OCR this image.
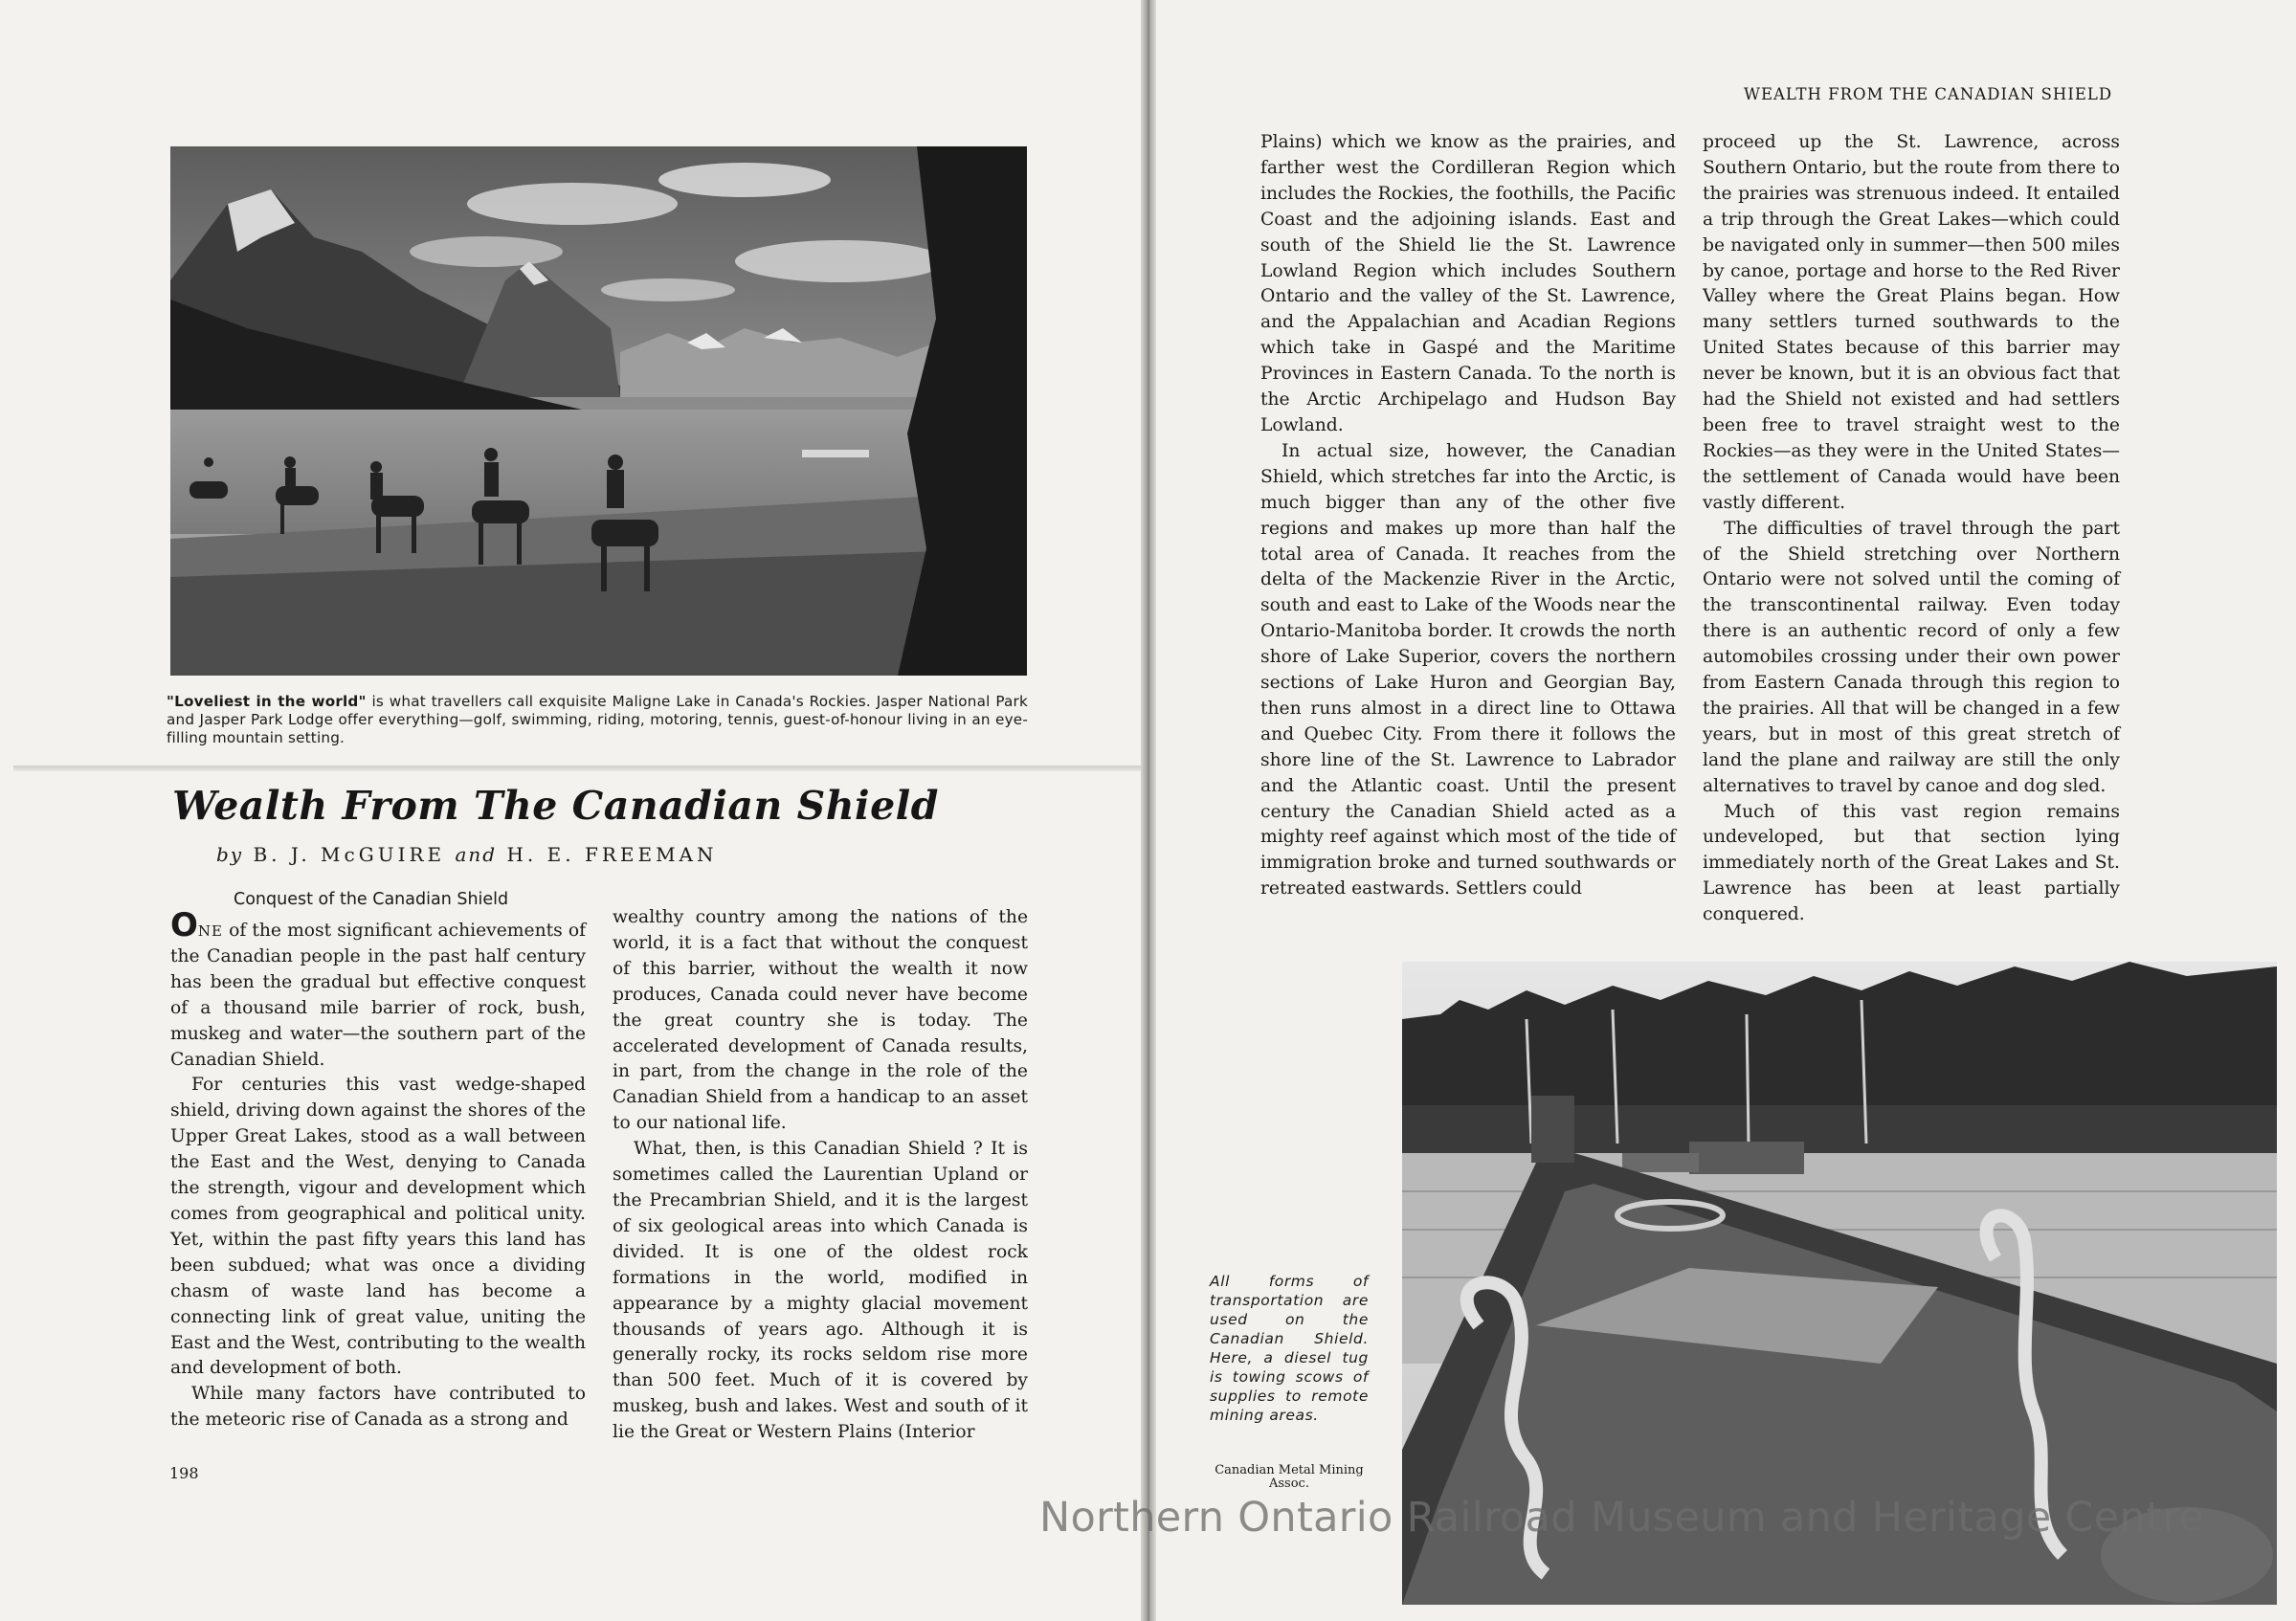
"Loveliest in the world" is what travellers call exquisite Maligne Lake in Canada's Rockies. Jasper National Park and Jasper Park Lodge offer everything—golf, swimming, riding, motoring, tennis, guest-of-honour living in an eye-filling mountain setting.
Wealth From The Canadian Shield
by B. J. McGUIRE and H. E. FREEMAN
Conquest of the Canadian Shield

ONE of the most significant achievements of the Canadian people in the past half century has been the gradual but effective conquest of a thousand mile barrier of rock, bush, muskeg and water—the southern part of the Canadian Shield.

For centuries this vast wedge-shaped shield, driving down against the shores of the Upper Great Lakes, stood as a wall between the East and the West, denying to Canada the strength, vigour and development which comes from geographical and political unity. Yet, within the past fifty years this land has been subdued; what was once a dividing chasm of waste land has become a connecting link of great value, uniting the East and the West, contributing to the wealth and development of both.

While many factors have contributed to the meteoric rise of Canada as a strong and

wealthy country among the nations of the world, it is a fact that without the conquest of this barrier, without the wealth it now produces, Canada could never have become the great country she is today. The accelerated development of Canada results, in part, from the change in the role of the Canadian Shield from a handicap to an asset to our national life.

What, then, is this Canadian Shield ? It is sometimes called the Laurentian Upland or the Precambrian Shield, and it is the largest of six geological areas into which Canada is divided. It is one of the oldest rock formations in the world, modified in appearance by a mighty glacial movement thousands of years ago. Although it is generally rocky, its rocks seldom rise more than 500 feet. Much of it is covered by muskeg, bush and lakes. West and south of it lie the Great or Western Plains (Interior

198
WEALTH FROM THE CANADIAN SHIELD

Plains) which we know as the prairies, and farther west the Cordilleran Region which includes the Rockies, the foothills, the Pacific Coast and the adjoining islands. East and south of the Shield lie the St. Lawrence Lowland Region which includes Southern Ontario and the valley of the St. Lawrence, and the Appalachian and Acadian Regions which take in Gaspé and the Maritime Provinces in Eastern Canada. To the north is the Arctic Archipelago and Hudson Bay Lowland.

In actual size, however, the Canadian Shield, which stretches far into the Arctic, is much bigger than any of the other five regions and makes up more than half the total area of Canada. It reaches from the delta of the Mackenzie River in the Arctic, south and east to Lake of the Woods near the Ontario-Manitoba border. It crowds the north shore of Lake Superior, covers the northern sections of Lake Huron and Georgian Bay, then runs almost in a direct line to Ottawa and Quebec City. From there it follows the shore line of the St. Lawrence to Labrador and the Atlantic coast. Until the present century the Canadian Shield acted as a mighty reef against which most of the tide of immigration broke and turned southwards or retreated eastwards. Settlers could

proceed up the St. Lawrence, across Southern Ontario, but the route from there to the prairies was strenuous indeed. It entailed a trip through the Great Lakes—which could be navigated only in summer—then 500 miles by canoe, portage and horse to the Red River Valley where the Great Plains began. How many settlers turned southwards to the United States because of this barrier may never be known, but it is an obvious fact that had the Shield not existed and had settlers been free to travel straight west to the Rockies—as they were in the United States—the settlement of Canada would have been vastly different.

The difficulties of travel through the part of the Shield stretching over Northern Ontario were not solved until the coming of the transcontinental railway. Even today there is an authentic record of only a few automobiles crossing under their own power from Eastern Canada through this region to the prairies. All that will be changed in a few years, but in most of this great stretch of land the plane and railway are still the only alternatives to travel by canoe and dog sled.

Much of this vast region remains undeveloped, but that section lying immediately north of the Great Lakes and St. Lawrence has been at least partially conquered.

All forms of transportation are used on the Canadian Shield. Here, a diesel tug is towing scows of supplies to remote mining areas.
Canadian Metal Mining
Assoc.
Northern Ontario Railroad Museum and Heritage Centre
